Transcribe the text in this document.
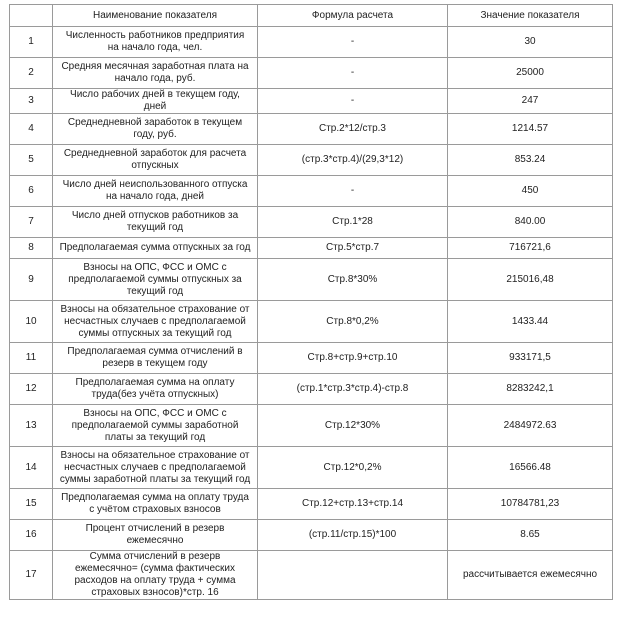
	Наименование показателя	Формула расчета	Значение показателя
1	Численность работников предприятия на начало года, чел.	-	30
2	Средняя месячная заработная плата на начало года, руб.	-	25000
3	Число рабочих дней в текущем году, дней	-	247
4	Среднедневной заработок в текущем году, руб.	Стр.2*12/стр.3	1214.57
5	Среднедневной заработок для расчета отпускных	(стр.3*стр.4)/(29,3*12)	853.24
6	Число дней неиспользованного отпуска на начало года, дней	-	450
7	Число дней отпусков работников за текущий год	Стр.1*28	840.00
8	Предполагаемая сумма отпускных за год	Стр.5*стр.7	716721,6
9	Взносы на ОПС, ФСС и ОМС с предполагаемой суммы отпускных за текущий год	Стр.8*30%	215016,48
10	Взносы на обязательное страхование от несчастных случаев с предполагаемой суммы отпускных за текущий год	Стр.8*0,2%	1433.44
11	Предполагаемая сумма отчислений в резерв в текущем году	Стр.8+стр.9+стр.10	933171,5
12	Предполагаемая сумма на оплату труда(без учёта отпускных)	(стр.1*стр.3*стр.4)-стр.8	8283242,1
13	Взносы на ОПС, ФСС и ОМС с предполагаемой суммы заработной платы за текущий год	Стр.12*30%	2484972.63
14	Взносы на обязательное страхование от несчастных случаев с предполагаемой суммы заработной платы за текущий год	Стр.12*0,2%	16566.48
15	Предполагаемая сумма на оплату труда с учётом страховых взносов	Стр.12+стр.13+стр.14	10784781,23
16	Процент отчислений в резерв ежемесячно	(стр.11/стр.15)*100	8.65
17	Сумма отчислений в резерв ежемесячно= (сумма фактических расходов на оплату труда + сумма страховых взносов)*стр. 16		рассчитывается ежемесячно
